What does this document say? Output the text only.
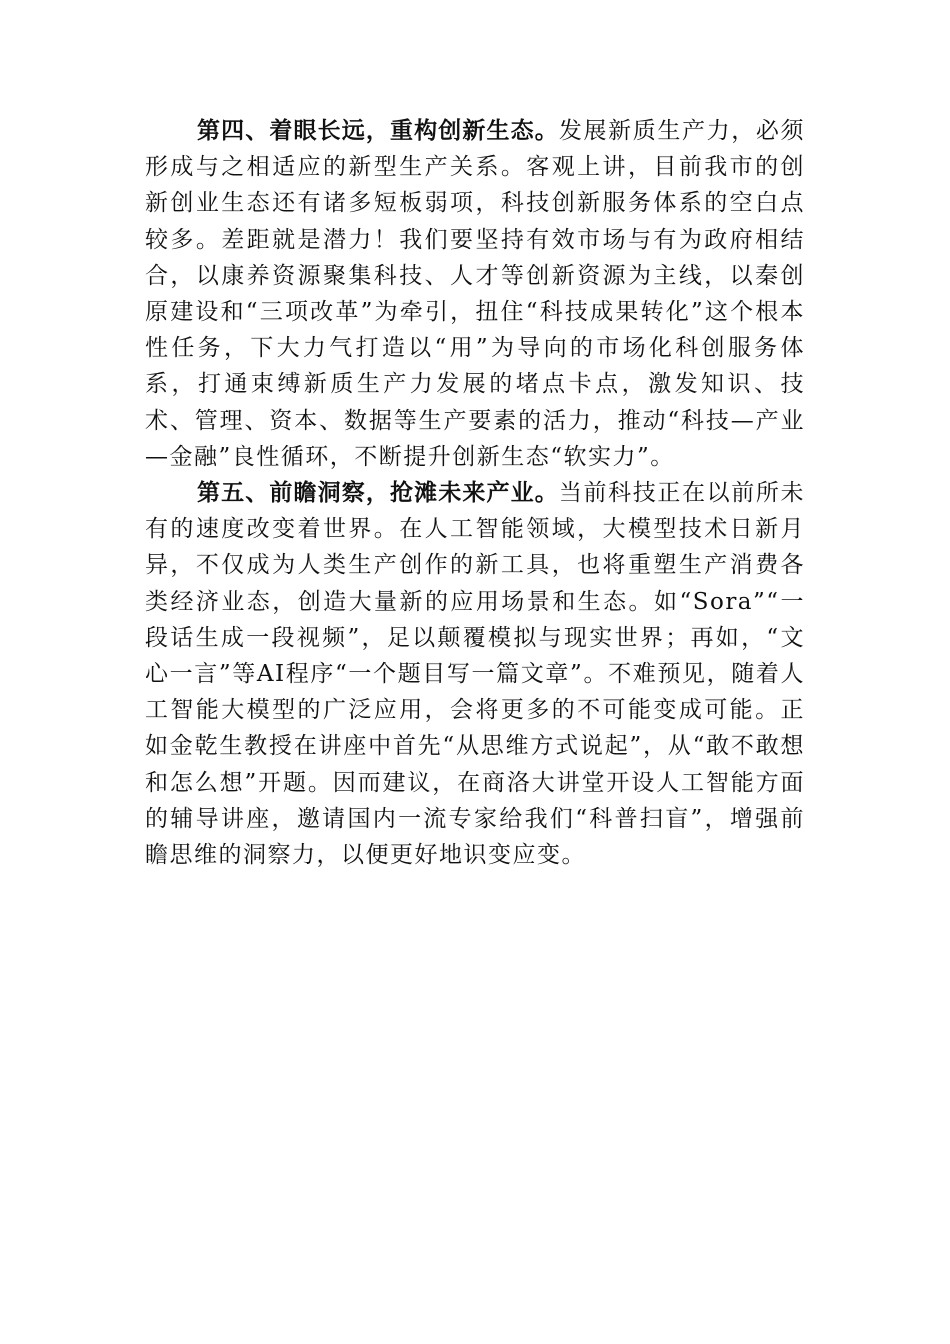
第四、着眼长远，重构创新生态。发展新质生产力，必须形成与之相适应的新型生产关系。客观上讲，目前我市的创新创业生态还有诸多短板弱项，科技创新服务体系的空白点较多。差距就是潜力！我们要坚持有效市场与有为政府相结合，以康养资源聚集科技、人才等创新资源为主线，以秦创原建设和“三项改革”为牵引，扭住“科技成果转化”这个根本性任务，下大力气打造以“用”为导向的市场化科创服务体系，打通束缚新质生产力发展的堵点卡点，激发知识、技术、管理、资本、数据等生产要素的活力，推动“科技—产业—金融”良性循环，不断提升创新生态“软实力”。

第五、前瞻洞察，抢滩未来产业。当前科技正在以前所未有的速度改变着世界。在人工智能领域，大模型技术日新月异，不仅成为人类生产创作的新工具，也将重塑生产消费各类经济业态，创造大量新的应用场景和生态。如“Sora”“一段话生成一段视频”，足以颠覆模拟与现实世界；再如，“文心一言”等AI程序“一个题目写一篇文章”。不难预见，随着人工智能大模型的广泛应用，会将更多的不可能变成可能。正如金乾生教授在讲座中首先“从思维方式说起”，从“敢不敢想和怎么想”开题。因而建议，在商洛大讲堂开设人工智能方面的辅导讲座，邀请国内一流专家给我们“科普扫盲”，增强前瞻思维的洞察力，以便更好地识变应变。
